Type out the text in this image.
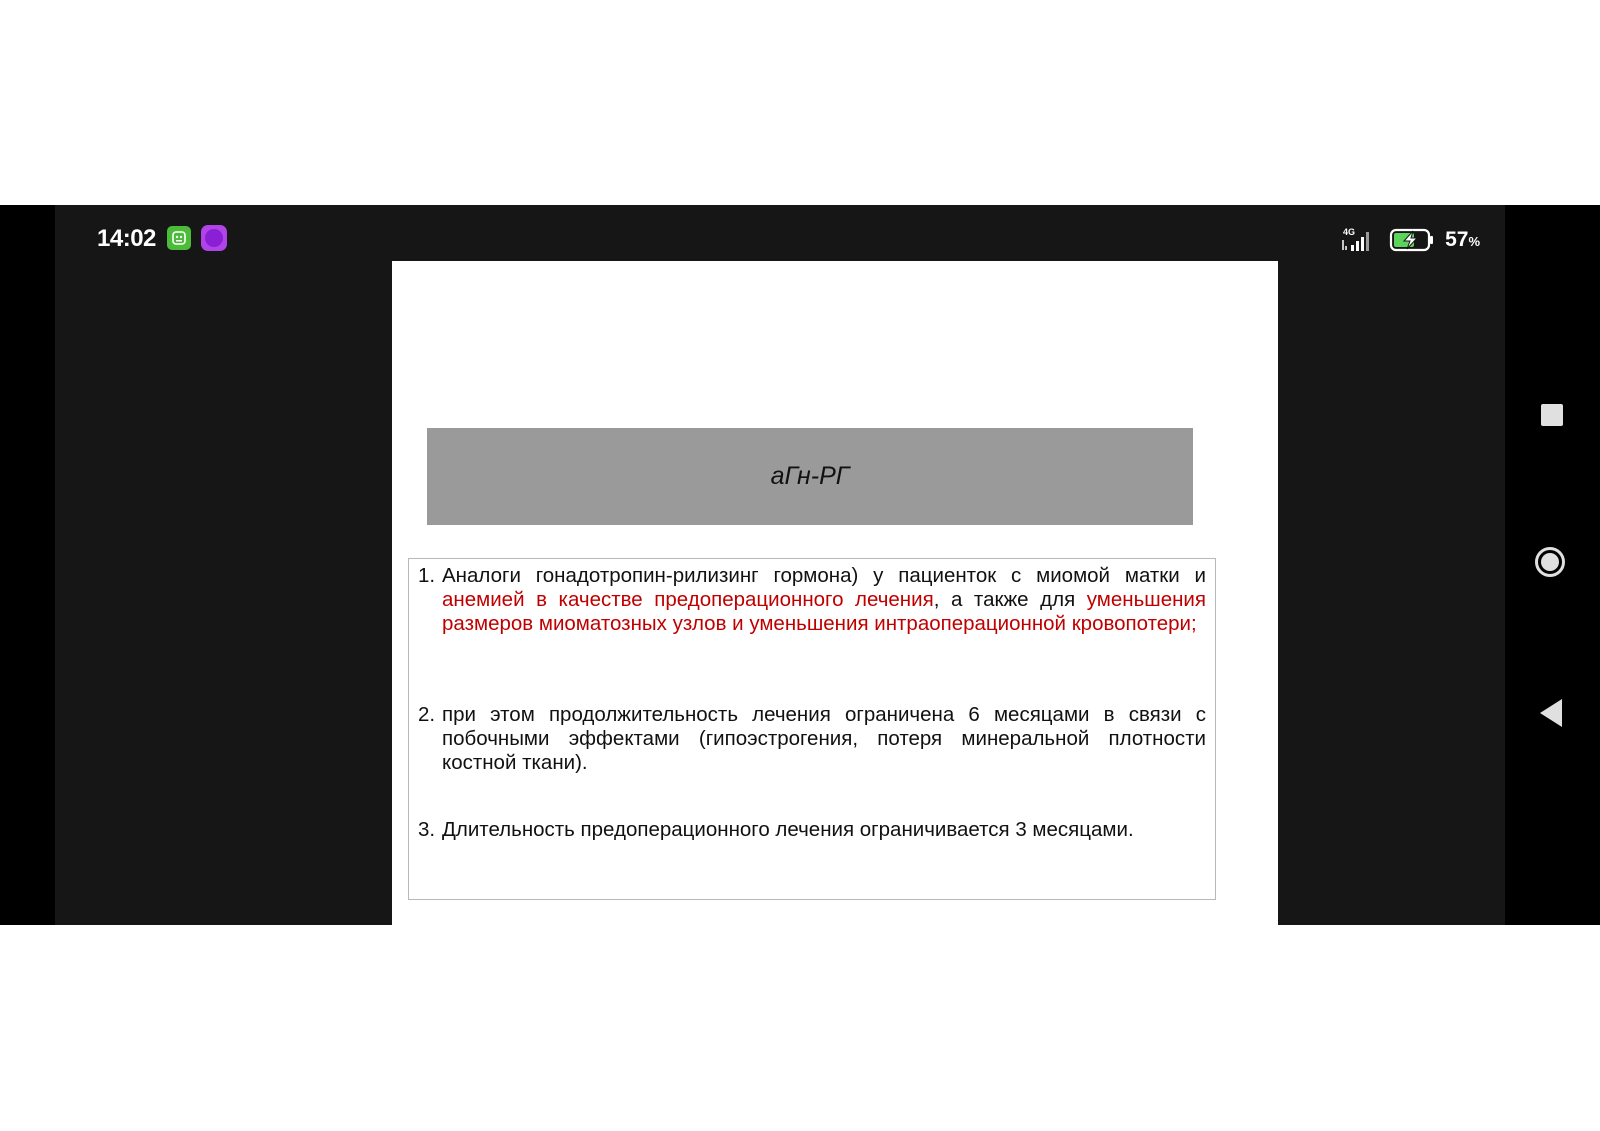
14:02	4G	57%
аГн-РГ
1. Аналоги гонадотропин-рилизинг гормона) у пациенток с миомой матки и анемией в качестве предоперационного лечения, а также для уменьшения размеров миоматозных узлов и уменьшения интраоперационной кровопотери;
2. при этом продолжительность лечения ограничена 6 месяцами в связи с побочными эффектами (гипоэстрогения, потеря минеральной плотности костной ткани).
3. Длительность предоперационного лечения ограничивается 3 месяцами.
